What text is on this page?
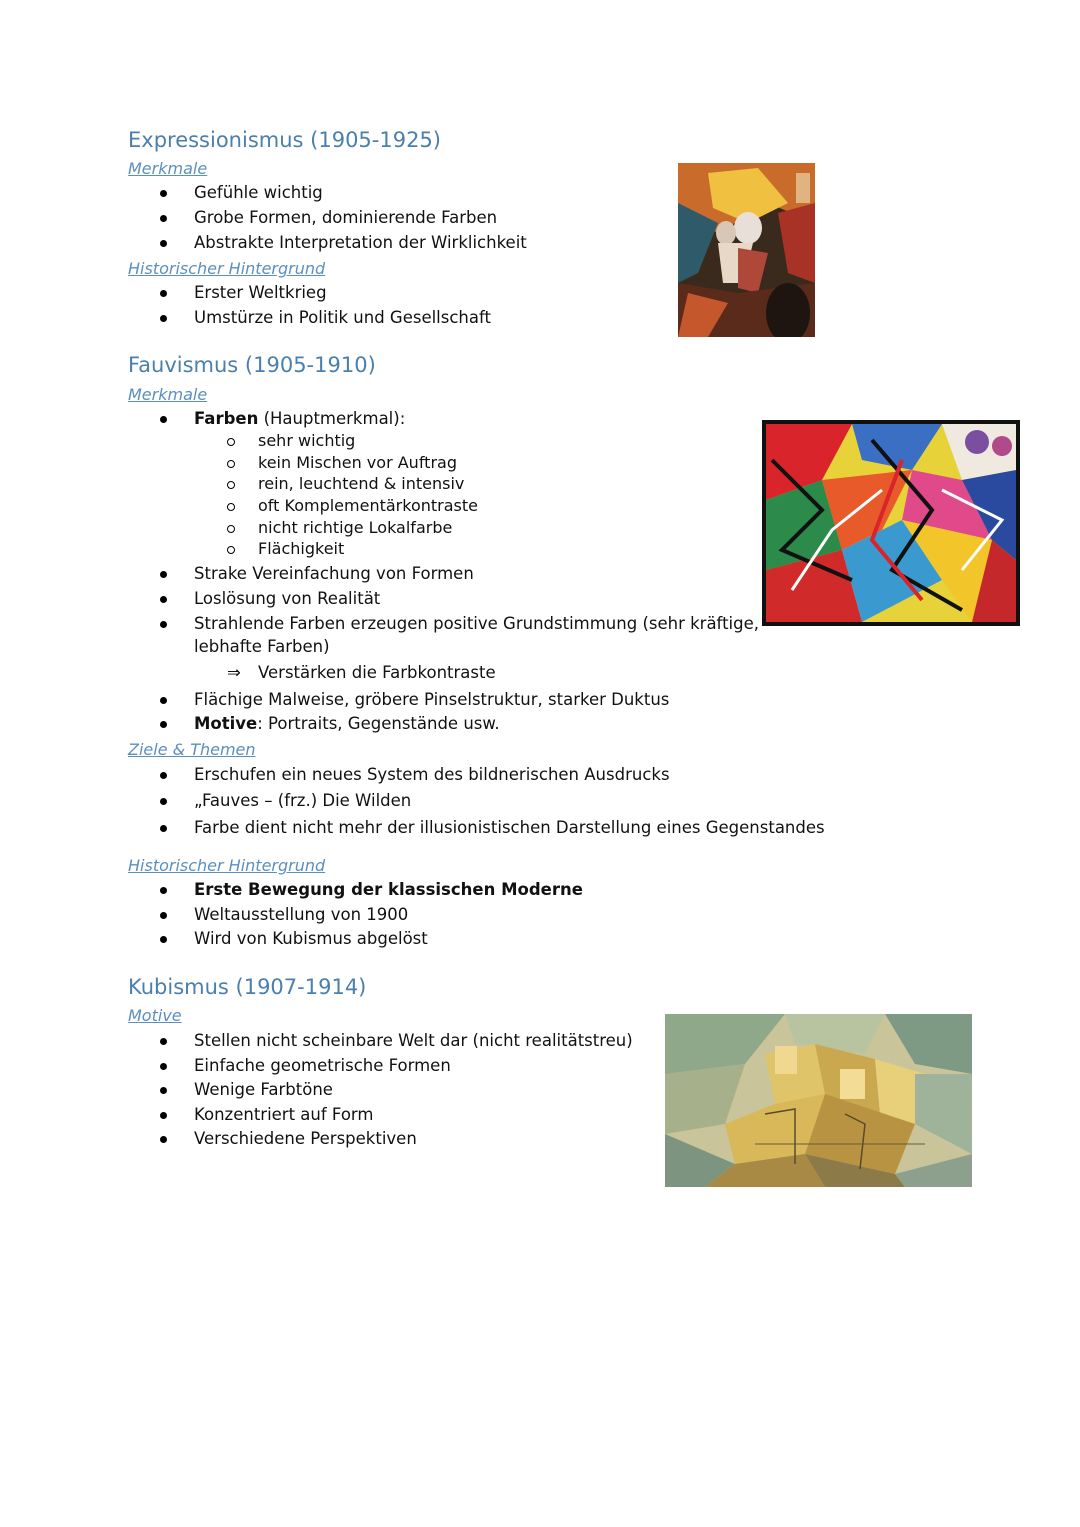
Expressionismus (1905-1925)
Merkmale
Gefühle wichtig
Grobe Formen, dominierende Farben
Abstrakte Interpretation der Wirklichkeit
Historischer Hintergrund
Erster Weltkrieg
Umstürze in Politik und Gesellschaft
Fauvismus (1905-1910)
Merkmale
Farben (Hauptmerkmal):
sehr wichtig
kein Mischen vor Auftrag
rein, leuchtend & intensiv
oft Komplementärkontraste
nicht richtige Lokalfarbe
Flächigkeit
Strake Vereinfachung von Formen
Loslösung von Realität
Strahlende Farben erzeugen positive Grundstimmung (sehr kräftige,
lebhafte Farben)
⇒ Verstärken die Farbkontraste
Flächige Malweise, gröbere Pinselstruktur, starker Duktus
Motive: Portraits, Gegenstände usw.
Ziele & Themen
Erschufen ein neues System des bildnerischen Ausdrucks
„Fauves – (frz.) Die Wilden
Farbe dient nicht mehr der illusionistischen Darstellung eines Gegenstandes
Historischer Hintergrund
Erste Bewegung der klassischen Moderne
Weltausstellung von 1900
Wird von Kubismus abgelöst
Kubismus (1907-1914)
Motive
Stellen nicht scheinbare Welt dar (nicht realitätstreu)
Einfache geometrische Formen
Wenige Farbtöne
Konzentriert auf Form
Verschiedene Perspektiven
